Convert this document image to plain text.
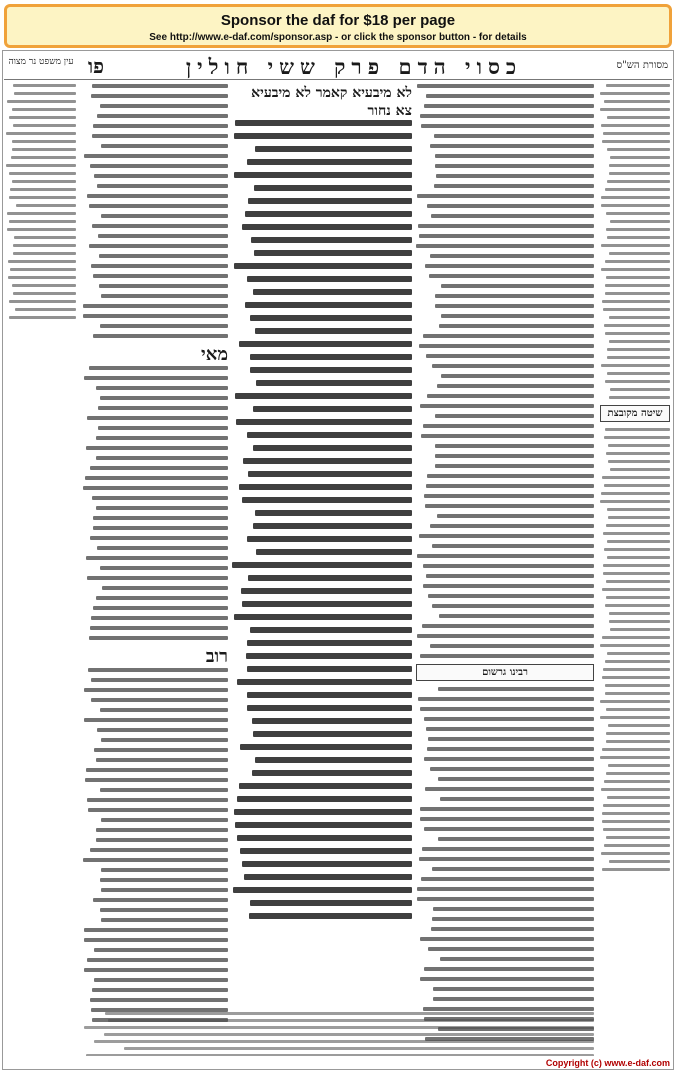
Sponsor the daf for $18 per page
See http://www.e-daf.com/sponsor.asp - or click the sponsor button - for details
עין משפט נר מצוה פו	כסוי הדם פרק ששי חולין	מסורת הש"ס
מאי
רוב
לא מיבעיא קאמר לא מיבעיא צא נחור
רבינו גרשום
שיטה מקובצת
Copyright (c) www.e-daf.com
